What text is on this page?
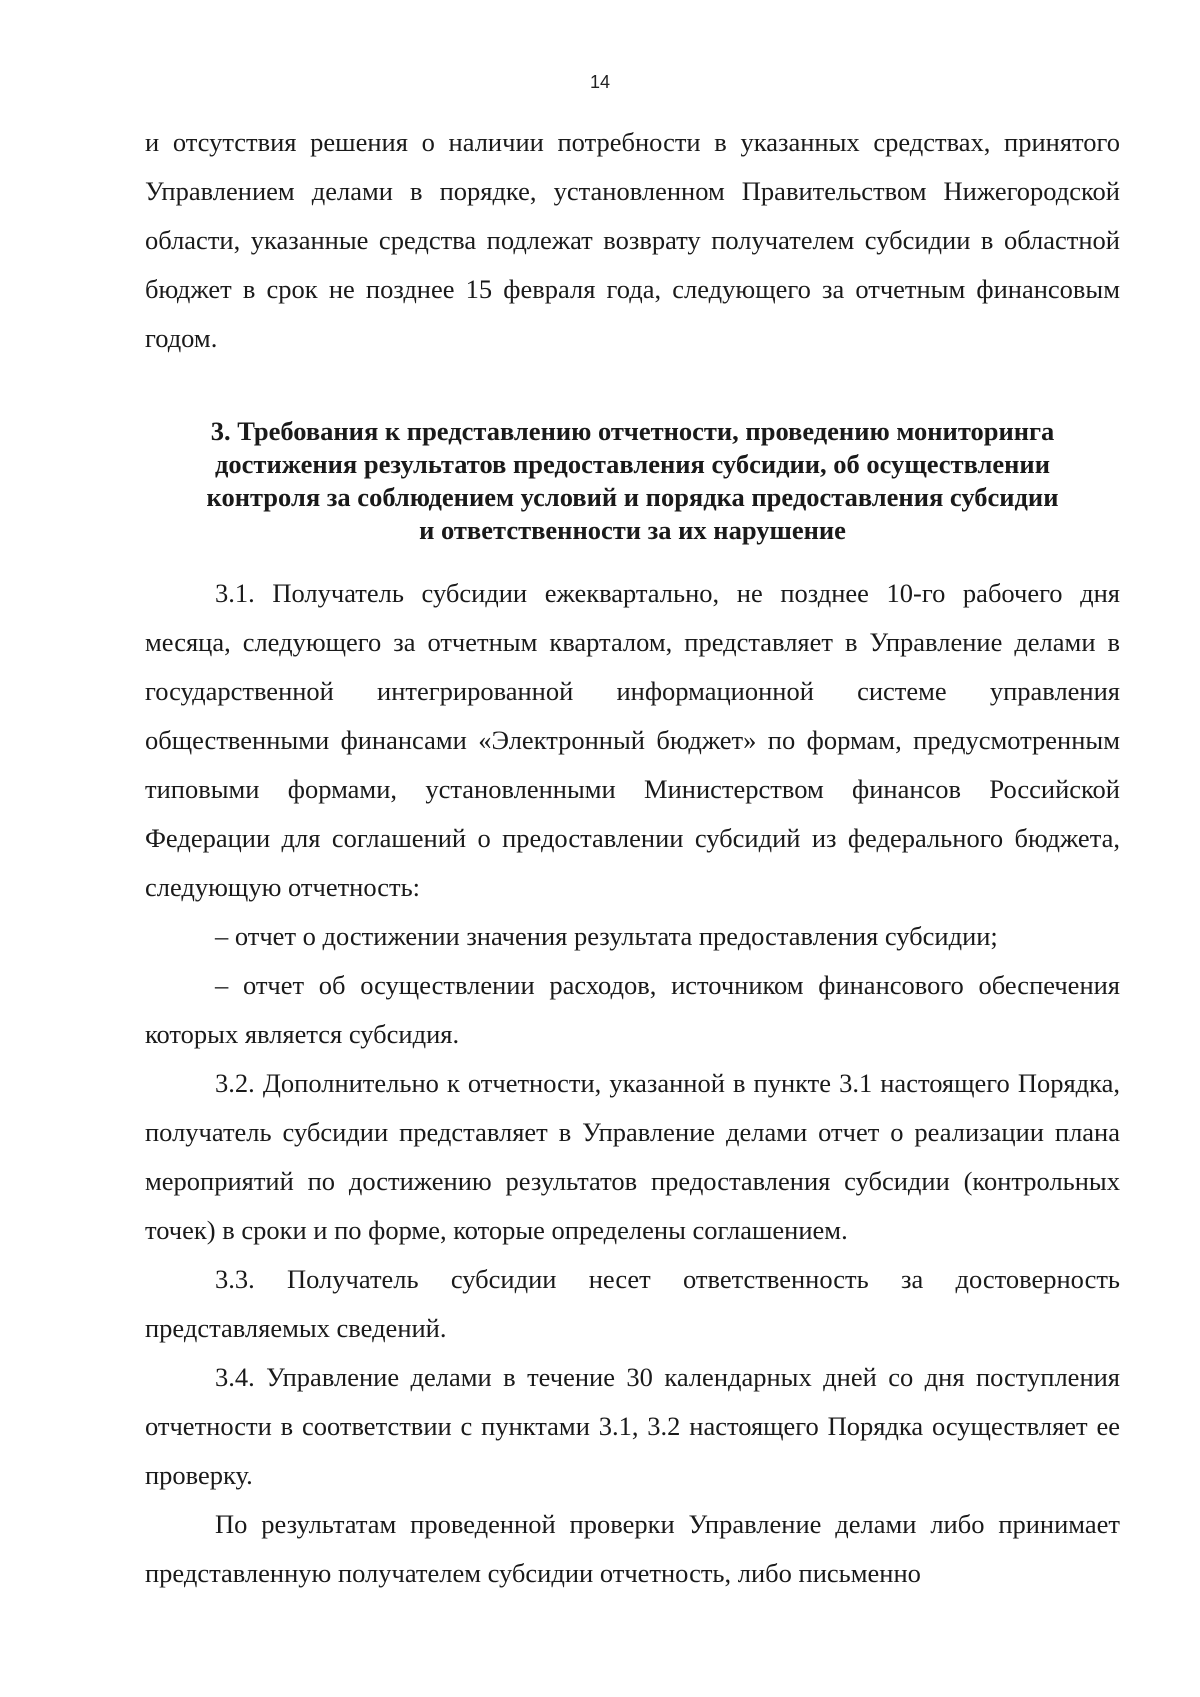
14

и отсутствия решения о наличии потребности в указанных средствах, принятого Управлением делами в порядке, установленном Правительством Нижегородской области, указанные средства подлежат возврату получателем субсидии в областной бюджет в срок не позднее 15 февраля года, следующего за отчетным финансовым годом.

3. Требования к представлению отчетности, проведению мониторинга
достижения результатов предоставления субсидии, об осуществлении
контроля за соблюдением условий и порядка предоставления субсидии
и ответственности за их нарушение

3.1. Получатель субсидии ежеквартально, не позднее 10-го рабочего дня месяца, следующего за отчетным кварталом, представляет в Управление делами в государственной интегрированной информационной системе управления общественными финансами «Электронный бюджет» по формам, предусмотренным типовыми формами, установленными Министерством финансов Российской Федерации для соглашений о предоставлении субсидий из федерального бюджета, следующую отчетность:

– отчет о достижении значения результата предоставления субсидии;

– отчет об осуществлении расходов, источником финансового обеспечения которых является субсидия.

3.2. Дополнительно к отчетности, указанной в пункте 3.1 настоящего Порядка, получатель субсидии представляет в Управление делами отчет о реализации плана мероприятий по достижению результатов предоставления субсидии (контрольных точек) в сроки и по форме, которые определены соглашением.

3.3. Получатель субсидии несет ответственность за достоверность представляемых сведений.

3.4. Управление делами в течение 30 календарных дней со дня поступления отчетности в соответствии с пунктами 3.1, 3.2 настоящего Порядка осуществляет ее проверку.

По результатам проведенной проверки Управление делами либо принимает представленную получателем субсидии отчетность, либо письменно
